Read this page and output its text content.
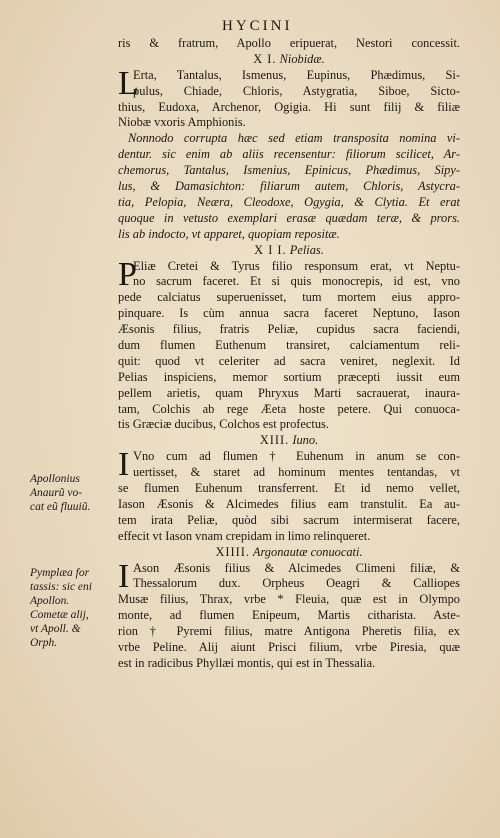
HYCINI
ris & fratrum, Apollo eripuerat, Nestori concessit.
X I. Niobidæ.
L
Erta, Tantalus, Ismenus, Eupinus, Phædimus, Si-
pulus, Chiade, Chloris, Astygratia, Siboe, Sicto-
thius, Eudoxa, Archenor, Ogigia. Hi sunt filij & filiæ
Niobæ vxoris Amphionis.
Nonnodo corrupta hæc sed etiam transposita nomina vi-
dentur. sic enim ab aliis recensentur: filiorum scilicet, Ar-
chemorus, Tantalus, Ismenius, Epinicus, Phædimus, Sipy-
lus, & Damasichton: filiarum autem, Chloris, Astycra-
tia, Pelopia, Neæra, Cleodoxe, Ogygia, & Clytia. Et erat
quoque in vetusto exemplari erasæ quædam teræ, & prors.
lis ab indocto, vt apparet, quopiam repositæ.
X I I. Pelias.
P
Eliæ Cretei & Tyrus filio responsum erat, vt Neptu-
no sacrum faceret. Et si quis monocrepis, id est, vno
pede calciatus superuenisset, tum mortem eius appro-
pinquare. Is cùm annua sacra faceret Neptuno, Iason
Æsonis filius, fratris Peliæ, cupidus sacra faciendi,
dum flumen Euthenum transiret, calciamentum reli-
quit: quod vt celeriter ad sacra veniret, neglexit. Id
Pelias inspiciens, memor sortium præcepti iussit eum
pellem arietis, quam Phryxus Marti sacrauerat, inaura-
tam, Colchis ab rege Æeta hoste petere. Qui conuoca-
tis Græciæ ducibus, Colchos est profectus.
XIII. Iuno.
I Vno cum ad flumen † Euhenum in anum se con-
uertisset, & staret ad hominum mentes tentandas, vt
se flumen Euhenum transferrent. Et id nemo vellet,
Iason Æsonis & Alcimedes filius eam transtulit. Ea au-
tem irata Peliæ, quòd sibi sacrum intermiserat facere,
effecit vt Iason vnam crepidam in limo relinqueret.
XIIII. Argonautæ conuocati.
I Ason Æsonis filius & Alcimedes Climeni filiæ, &
Thessalorum dux. Orpheus Oeagri & Calliopes
Musæ filius, Thrax, vrbe * Fleuia, quæ est in Olympo
monte, ad flumen Enipeum, Martis citharista. Aste-
rion † Pyremi filius, matre Antigona Pheretis filia, ex
vrbe Peline. Alij aiunt Prisci filium, vrbe Piresia, quæ
est in radicibus Phyllæi montis, qui est in Thessalia.
Apollonius
Anaurũ vo-
cat eũ fluuiũ.
Pymplæa for
tassis: sic eni
Apollon.
Cometæ alij,
vt Apoll. &
Orph.
